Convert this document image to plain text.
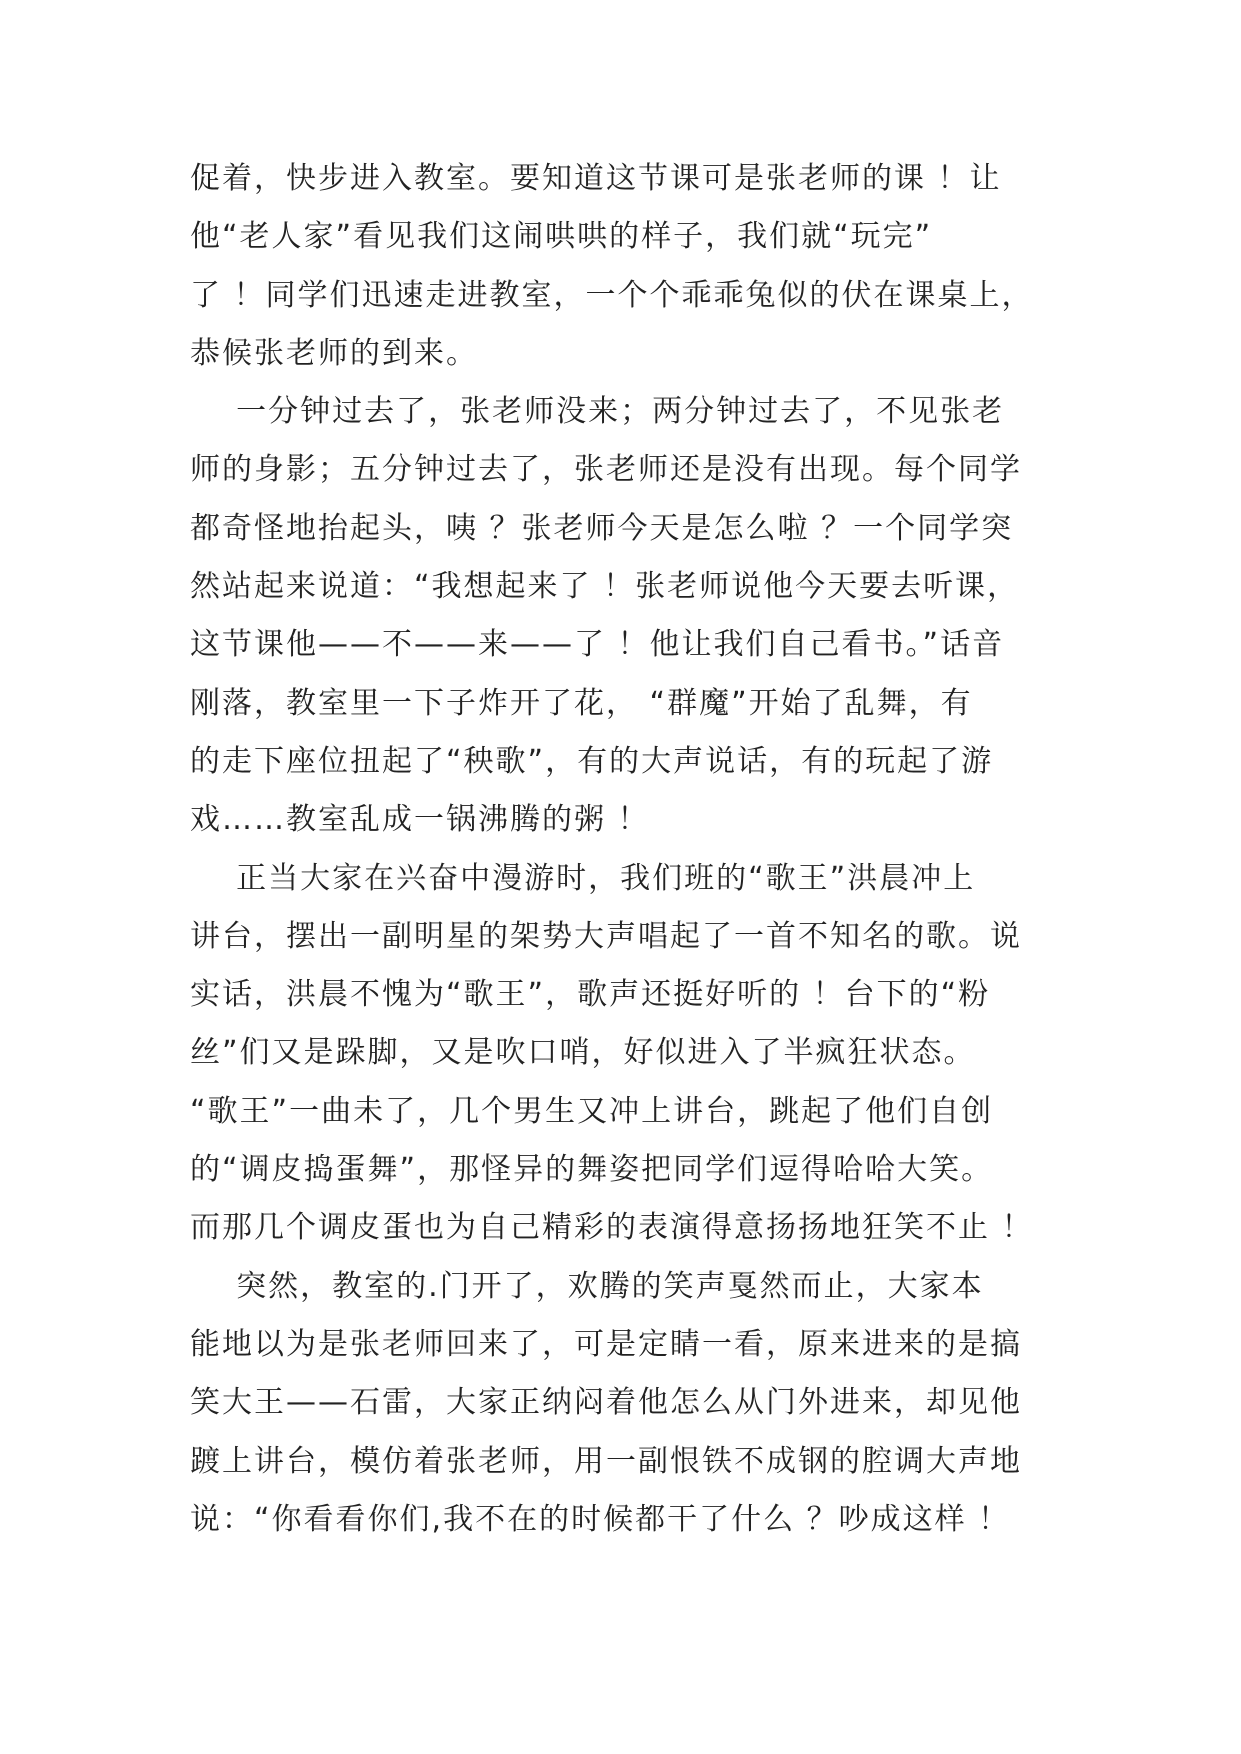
促着，快步进入教室。要知道这节课可是张老师的课 ！让
他“老人家”看见我们这闹哄哄的样子，我们就“玩完”
了 ！同学们迅速走进教室，一个个乖乖兔似的伏在课桌上，
恭候张老师的到来。
一分钟过去了，张老师没来；两分钟过去了，不见张老
师的身影；五分钟过去了，张老师还是没有出现。每个同学
都奇怪地抬起头，咦 ？张老师今天是怎么啦 ？一个同学突
然站起来说道：“我想起来了 ！张老师说他今天要去听课，
这节课他——不——来——了 ！他让我们自己看书。”话音
刚落，教室里一下子炸开了花， “群魔”开始了乱舞，有
的走下座位扭起了“秧歌”，有的大声说话，有的玩起了游
戏……教室乱成一锅沸腾的粥 ！
正当大家在兴奋中漫游时，我们班的“歌王”洪晨冲上
讲台，摆出一副明星的架势大声唱起了一首不知名的歌。说
实话，洪晨不愧为“歌王”，歌声还挺好听的 ！台下的“粉
丝”们又是跺脚，又是吹口哨，好似进入了半疯狂状态。
“歌王”一曲未了，几个男生又冲上讲台，跳起了他们自创
的“调皮捣蛋舞”，那怪异的舞姿把同学们逗得哈哈大笑。
而那几个调皮蛋也为自己精彩的表演得意扬扬地狂笑不止 ！
突然，教室的.门开了，欢腾的笑声戛然而止，大家本
能地以为是张老师回来了，可是定睛一看，原来进来的是搞
笑大王——石雷，大家正纳闷着他怎么从门外进来，却见他
踱上讲台，模仿着张老师，用一副恨铁不成钢的腔调大声地
说：“你看看你们,我不在的时候都干了什么 ？吵成这样 ！
